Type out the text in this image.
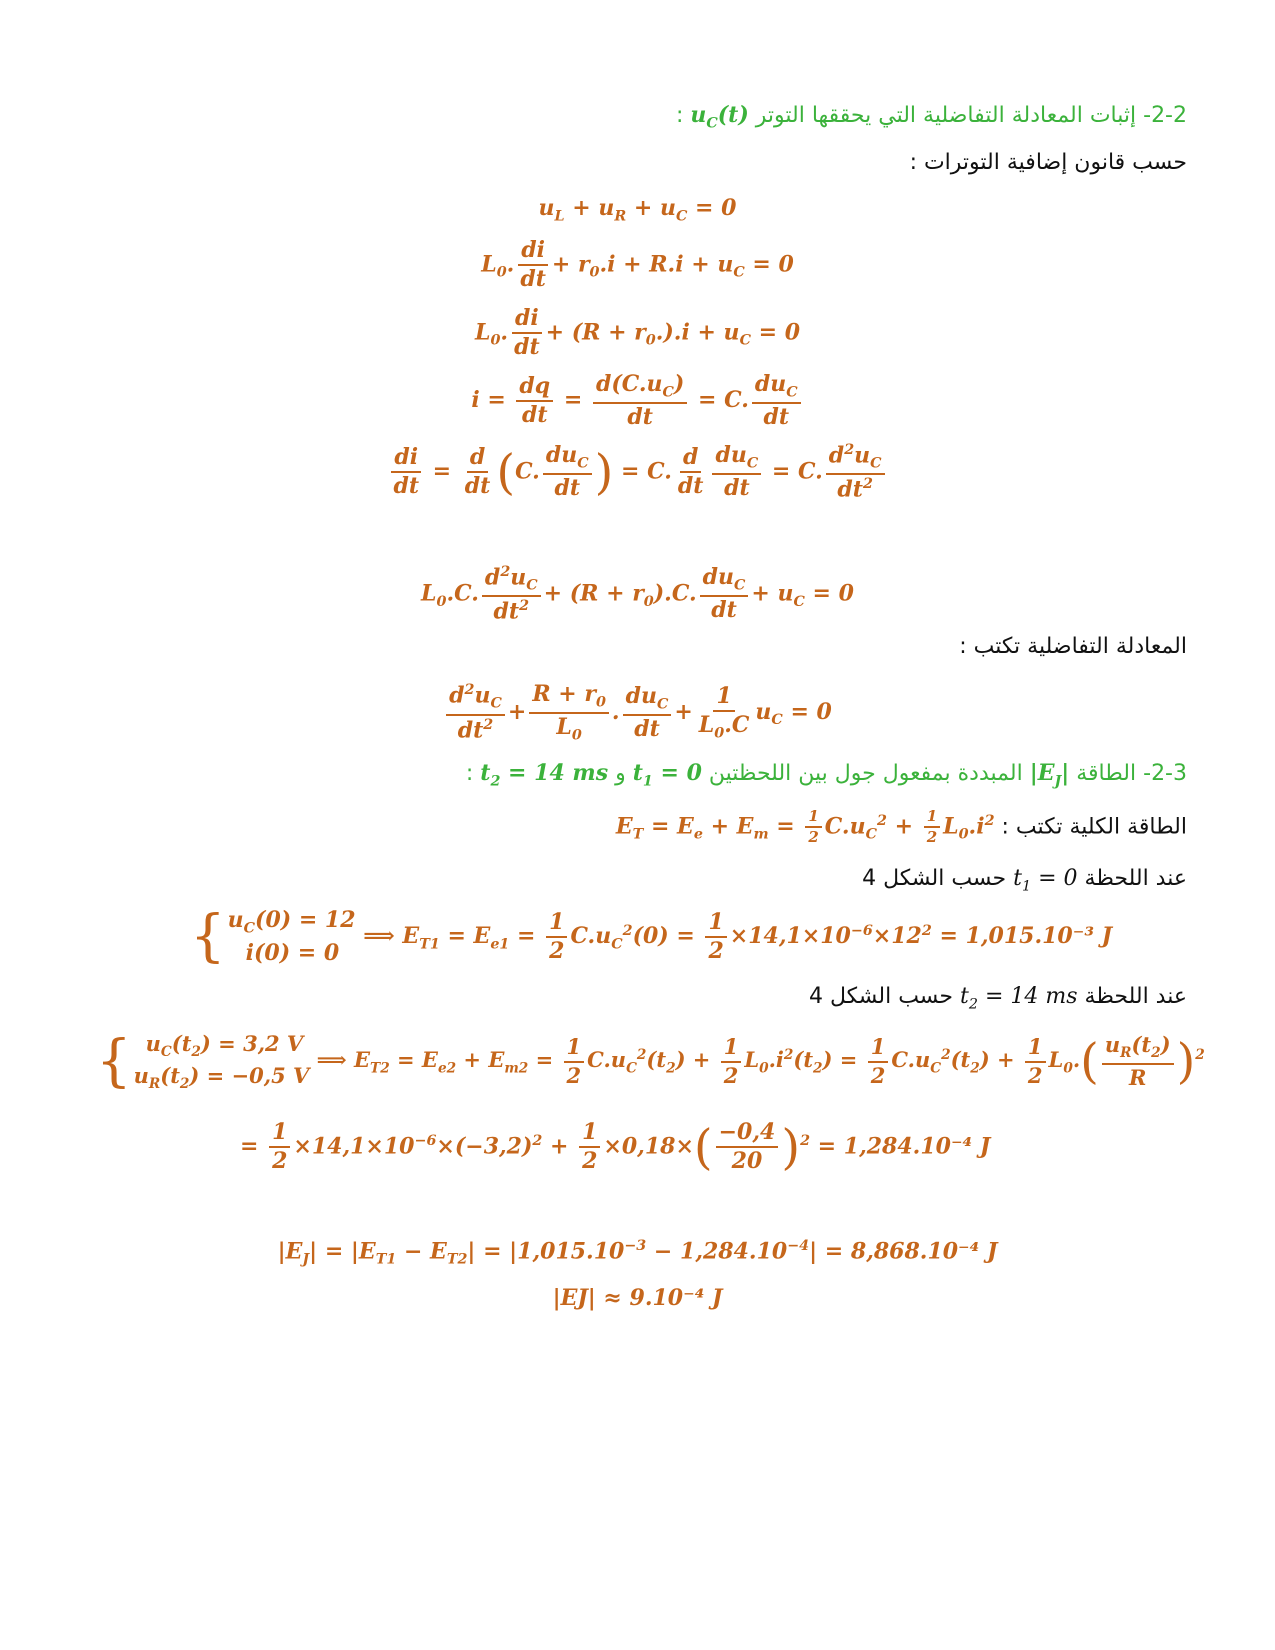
2-2- إثبات المعادلة التفاضلية التي يحققها التوتر $u_C(t)$ :
حسب قانون إضافية التوترات :
$u_L + u_R + u_C = 0$
$L_0$. $\frac{di}{dt} + r_0.i + R.i + u_C = 0$
$L_0$. $\frac{di}{dt} + (R + r_0.).i + u_C = 0$
$i = \frac{dq}{dt} = \frac{d(C.u_C)}{dt} = C$.
$du_C$
dt
$\frac{di}{dt} = \frac{d}{dt} (C$.
$du_C$
dt ) = C. $\frac{d}{dt} du_C$
dt
= C. $\frac{d^2u_C}{dt^2}$
$L_0.C$. $\frac{d^2u_C}{dt^2} + (R + r_0).C$.
$du_C$
dt
+ $u_C = 0$
المعادلة التفاضلية تكتب :
$\frac{d^2u_C}{dt^2} + \frac{R + r_0}{L_0}$ .
$du_C$
dt
+ $\frac{1}{L_0.C} u_C = 0$
2-3- الطاقة $|E_J|$ المبددة بمفعول جول بين اللحظتين $t_1 = 0$ و $t_2 = 14$ ms :
الطاقة الكلية تكتب : $E_T = E_e + E_m = \frac{1}{2} C.u_C^2 + \frac{1}{2} L_0.i^2$
عند اللحظة $t_1 = 0$ حسب الشكل 4
{ $u_C(0) = 12$
i(0) = 0
⟹ $E_{T1} = E_{e1} = \frac{1}{2} C.u_C^2(0) = \frac{1}{2} \times 14,1\times 10^{-6}\times 12^2 = 1,015.10^{-3}$ J
عند اللحظة $t_2 = 14$ ms حسب الشكل 4
{ $u_C(t_2) = 3,2$ V
$u_R(t_2) = -0,5$ V
⟹ $E_{T2} = E_{e2} + E_{m2} = \frac{1}{2} C.u_C^2(t_2) + \frac{1}{2} L_0.i^2(t_2) = \frac{1}{2} C.u_C^2(t_2) + \frac{1}{2} L_0.( \frac{u_R(t_2)}{R} )^2$
= $\frac{1}{2} \times 14,1\times 10^{-6}\times(-3,2)^2 + \frac{1}{2} \times 0,18\times( \frac{-0,4}{20} )^2 = 1,284.10^{-4}$ J
$|E_J| = |E_{T1} - E_{T2}| = |1,015.10^{-3} - 1,284.10^{-4}| = 8,868.10^{-4}$ J
|EJ| ≈ 9.10⁻⁴ J
